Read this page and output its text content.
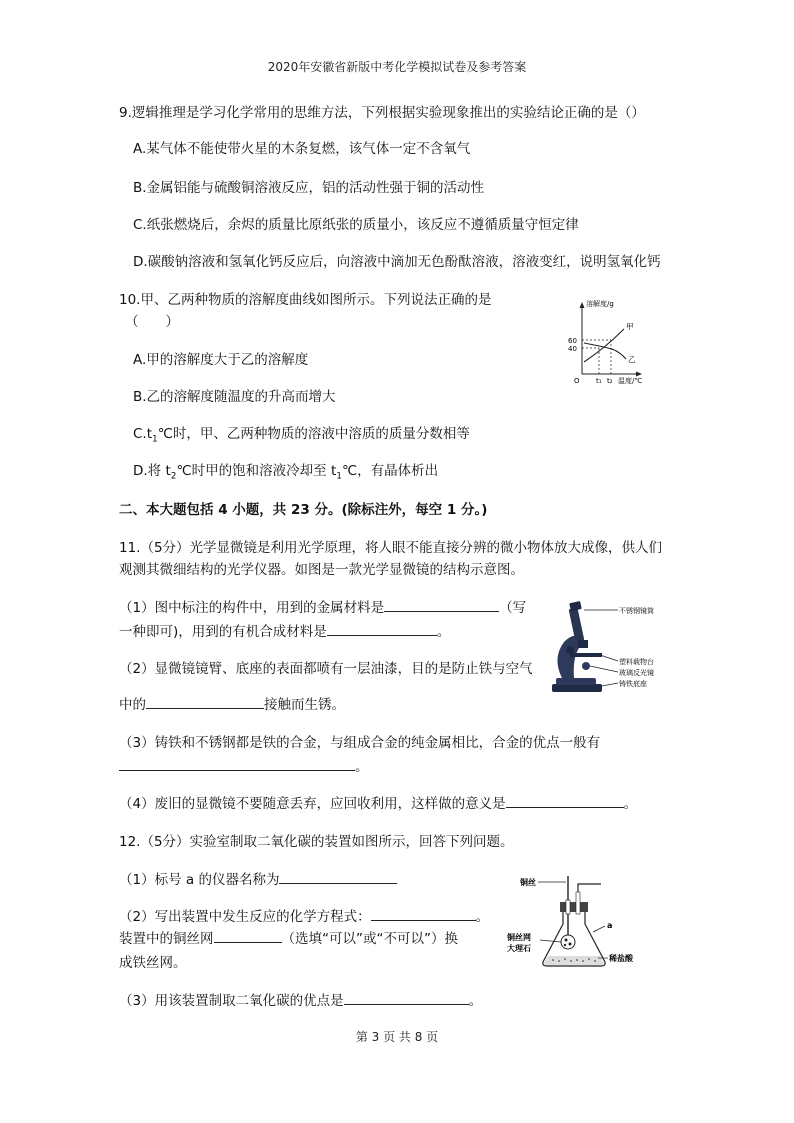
2020年安徽省新版中考化学模拟试卷及参考答案
9.逻辑推理是学习化学常用的思维方法，下列根据实验现象推出的实验结论正确的是（）
A.某气体不能使带火星的木条复燃，该气体一定不含氧气
B.金属铝能与硫酸铜溶液反应，铝的活动性强于铜的活动性
C.纸张燃烧后，余烬的质量比原纸张的质量小，该反应不遵循质量守恒定律
D.碳酸钠溶液和氢氧化钙反应后，向溶液中滴加无色酚酞溶液，溶液变红，说明氢氧化钙
10.甲、乙两种物质的溶解度曲线如图所示。下列说法正确的是
（　　）
A.甲的溶解度大于乙的溶解度
B.乙的溶解度随温度的升高而增大
$C.t_1℃$时，甲、乙两种物质的溶液中溶质的质量分数相等
D.将 $t_2℃$时甲的饱和溶液冷却至 $t_1℃$，有晶体析出
溶解度/g
60
40
O t₁ t₂ 温度/℃
甲
乙
二、本大题包括 4 小题，共 23 分。(除标注外，每空 1 分。)
11.（5分）光学显微镜是利用光学原理，将人眼不能直接分辨的微小物体放大成像，供人们
观测其微细结构的光学仪器。如图是一款光学显微镜的结构示意图。
（1）图中标注的构件中，用到的金属材料是	（写
一种即可)，用到的有机合成材料是	。
（2）显微镜镜臂、底座的表面都喷有一层油漆，目的是防止铁与空气
中的	接触而生锈。
（3）铸铁和不锈钢都是铁的合金，与组成合金的纯金属相比，合金的优点一般有
。
（4）废旧的显微镜不要随意丢弃，应回收利用，这样做的意义是	。
不锈钢镜筒
塑料载物台
玻璃反光镜
铸铁底座
12.（5分）实验室制取二氧化碳的装置如图所示，回答下列问题。
（1）标号 a 的仪器名称为
（2）写出装置中发生反应的化学方程式：	。
装置中的铜丝网	（选填“可以”或“不可以”）换
成铁丝网。
（3）用该装置制取二氧化碳的优点是	。
铜丝
铜丝网
大理石
a
稀盐酸
第 3 页 共 8 页
